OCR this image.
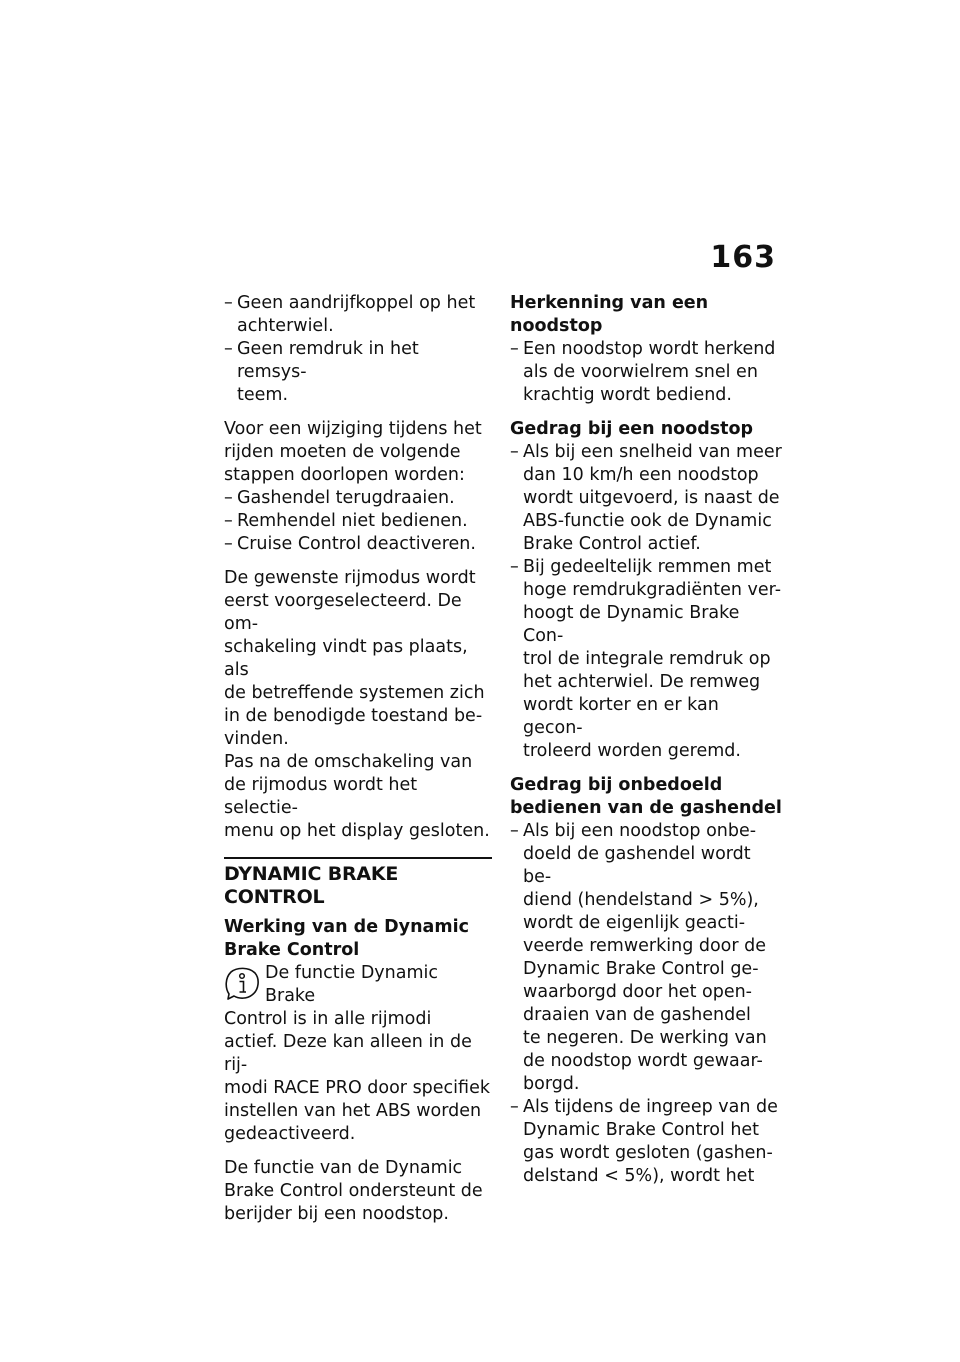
163
– Geen aandrijfkoppel op het
achterwiel.
– Geen remdruk in het remsys-
teem.

Voor een wijziging tijdens het
rijden moeten de volgende
stappen doorlopen worden:

– Gashendel terugdraaien.
– Remhendel niet bedienen.
– Cruise Control deactiveren.

De gewenste rijmodus wordt
eerst voorgeselecteerd. De om-
schakeling vindt pas plaats, als
de betreffende systemen zich
in de benodigde toestand be-
vinden.
Pas na de omschakeling van
de rijmodus wordt het selectie-
menu op het display gesloten.

DYNAMIC BRAKE CONTROL

Werking van de Dynamic
Brake Control

De functie Dynamic Brake
Control is in alle rijmodi

actief. Deze kan alleen in de rij-
modi RACE PRO door specifiek
instellen van het ABS worden
gedeactiveerd.

De functie van de Dynamic
Brake Control ondersteunt de
berijder bij een noodstop.

Herkenning van een noodstop

– Een noodstop wordt herkend
als de voorwielrem snel en
krachtig wordt bediend.

Gedrag bij een noodstop

– Als bij een snelheid van meer
dan 10 km/h een noodstop
wordt uitgevoerd, is naast de
ABS-functie ook de Dynamic
Brake Control actief.
– Bij gedeeltelijk remmen met
hoge remdrukgradiënten ver-
hoogt de Dynamic Brake Con-
trol de integrale remdruk op
het achterwiel. De remweg
wordt korter en er kan gecon-
troleerd worden geremd.

Gedrag bij onbedoeld
bedienen van de gashendel

– Als bij een noodstop onbe-
doeld de gashendel wordt be-
diend (hendelstand > 5%),
wordt de eigenlijk geacti-
veerde remwerking door de
Dynamic Brake Control ge-
waarborgd door het open-
draaien van de gashendel
te negeren. De werking van
de noodstop wordt gewaar-
borgd.
– Als tijdens de ingreep van de
Dynamic Brake Control het
gas wordt gesloten (gashen-
delstand < 5%), wordt het
